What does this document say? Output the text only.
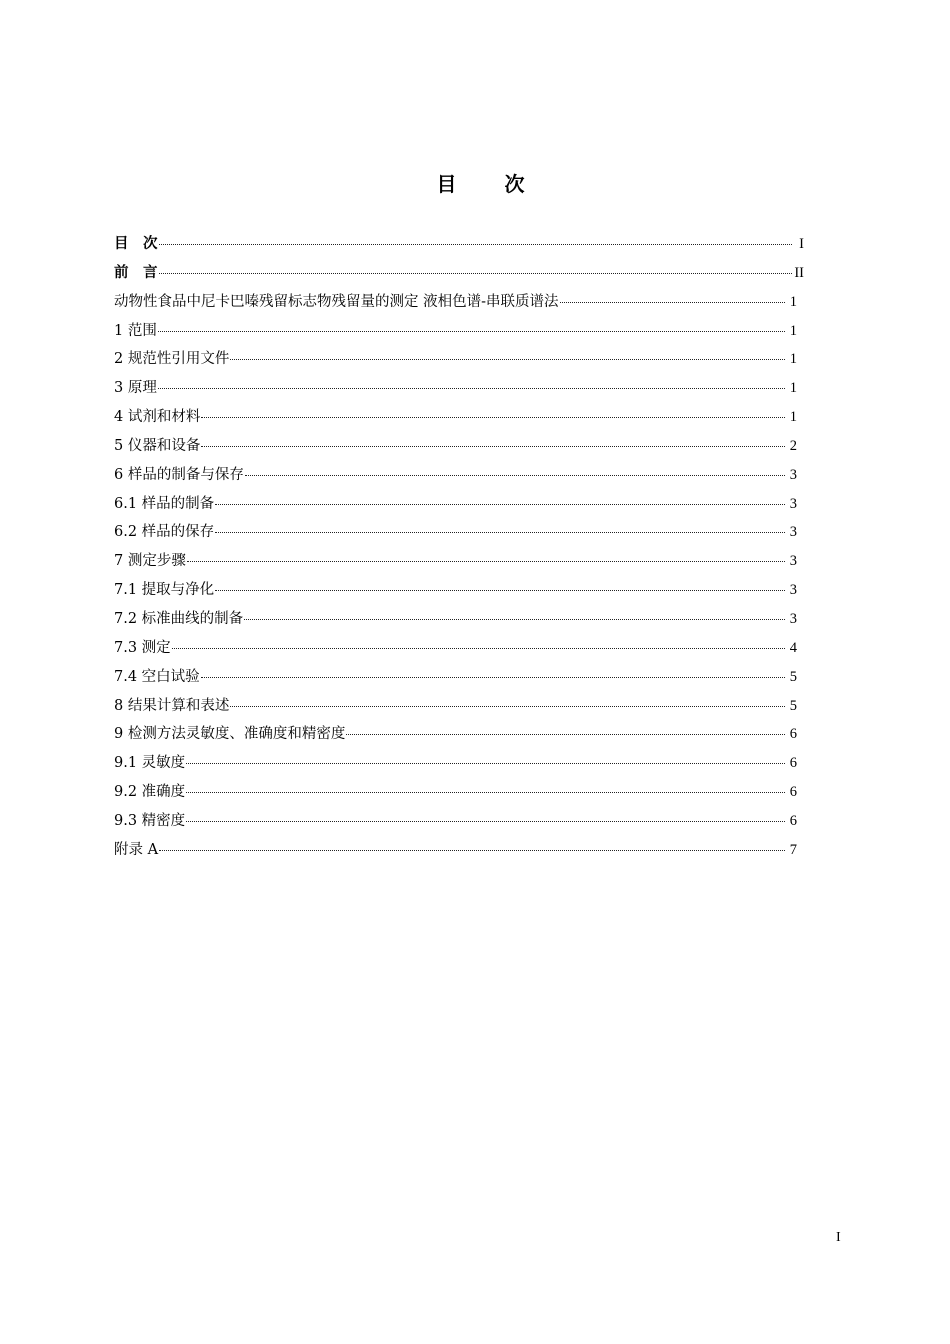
目　次
目　次	I
前　言	II
动物性食品中尼卡巴嗪残留标志物残留量的测定 液相色谱-串联质谱法	1
1 范围	1
2 规范性引用文件	1
3 原理	1
4 试剂和材料	1
5 仪器和设备	2
6 样品的制备与保存	3
6.1 样品的制备	3
6.2 样品的保存	3
7 测定步骤	3
7.1 提取与净化	3
7.2 标准曲线的制备	3
7.3 测定	4
7.4 空白试验	5
8 结果计算和表述	5
9 检测方法灵敏度、准确度和精密度	6
9.1 灵敏度	6
9.2 准确度	6
9.3 精密度	6
附录 A	7
I
